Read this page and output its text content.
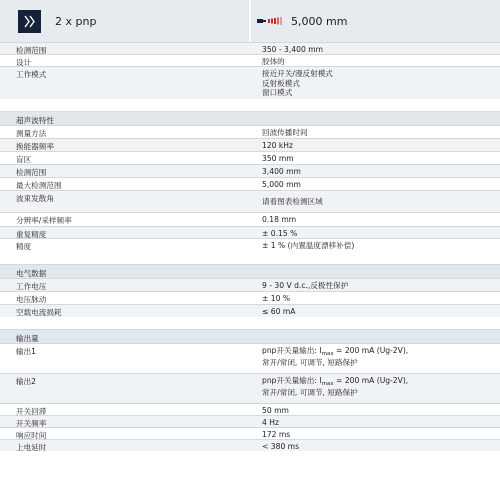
2 x pnp	5,000 mm
检测范围	350 - 3,400 mm
设计	胶体的
工作模式	接近开关/漫反射模式
反射板模式
窗口模式
超声波特性
测量方法	回波传播时间
换能器频率	120 kHz
盲区	350 mm
检测范围	3,400 mm
最大检测范围	5,000 mm
波束发散角	请看图表检测区域
分辨率/采样频率	0.18 mm
重复精度	± 0.15 %
精度	± 1 % (内置温度漂移补偿)
电气数据
工作电压	9 - 30 V d.c.,反极性保护
电压脉动	± 10 %
空载电流损耗	≤ 60 mA
输出量
输出1	pnp开关量输出: $I_{max} = 200$ mA (Ug-2V),
常开/常闭, 可调节, 短路保护
输出2	pnp开关量输出: $I_{max} = 200$ mA (Ug-2V),
常开/常闭, 可调节, 短路保护
开关回滞	50 mm
开关频率	4 Hz
响应时间	172 ms
上电延时	< 380 ms
